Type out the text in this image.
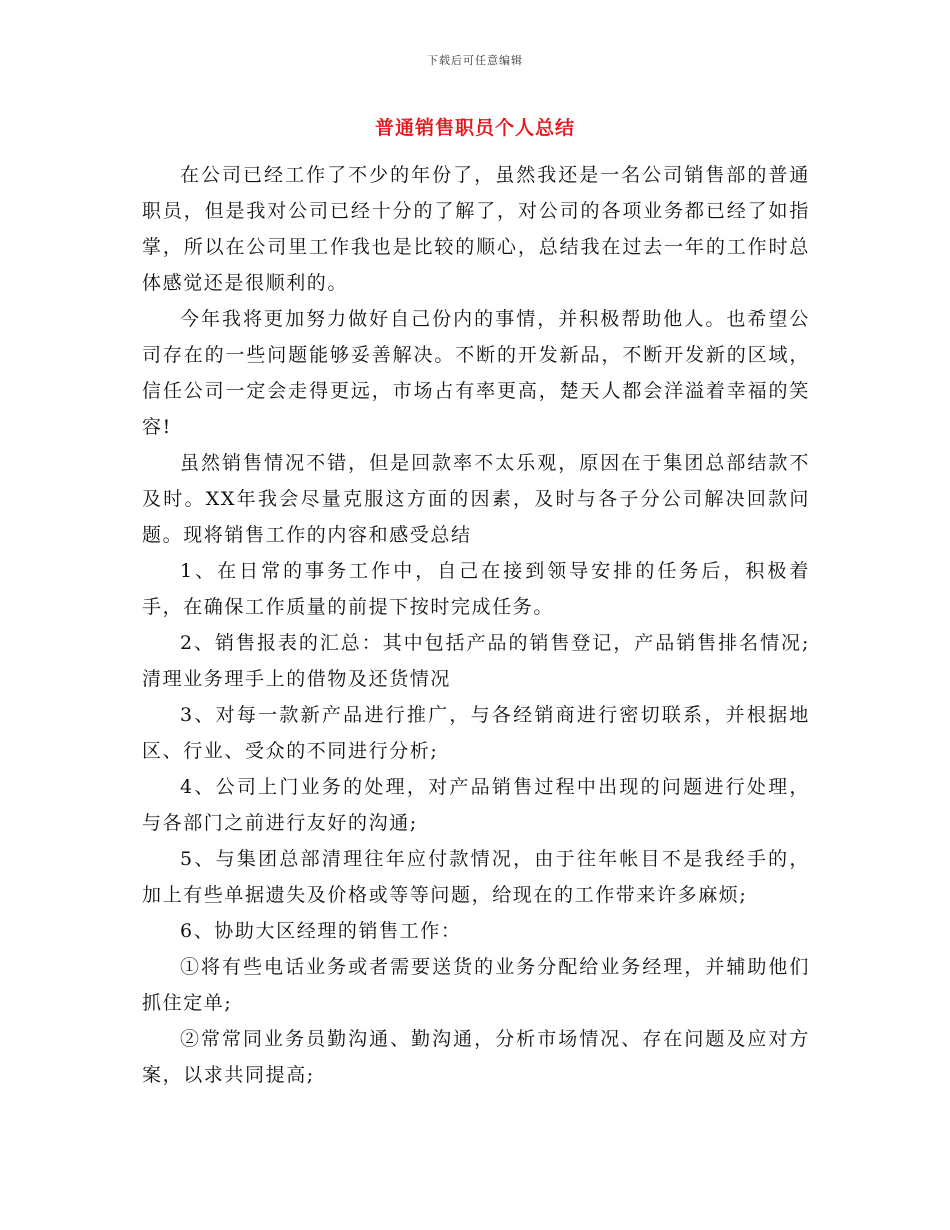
下载后可任意编辑
普通销售职员个人总结

在公司已经工作了不少的年份了，虽然我还是一名公司销售部的普通职员，但是我对公司已经十分的了解了，对公司的各项业务都已经了如指掌，所以在公司里工作我也是比较的顺心，总结我在过去一年的工作时总体感觉还是很顺利的。

今年我将更加努力做好自己份内的事情，并积极帮助他人。也希望公司存在的一些问题能够妥善解决。不断的开发新品，不断开发新的区域，信任公司一定会走得更远，市场占有率更高，楚天人都会洋溢着幸福的笑容!

虽然销售情况不错，但是回款率不太乐观，原因在于集团总部结款不及时。XX年我会尽量克服这方面的因素，及时与各子分公司解决回款问题。现将销售工作的内容和感受总结

1、在日常的事务工作中，自己在接到领导安排的任务后，积极着手，在确保工作质量的前提下按时完成任务。

2、销售报表的汇总：其中包括产品的销售登记，产品销售排名情况;清理业务理手上的借物及还货情况

3、对每一款新产品进行推广，与各经销商进行密切联系，并根据地区、行业、受众的不同进行分析;

4、公司上门业务的处理，对产品销售过程中出现的问题进行处理，与各部门之前进行友好的沟通;

5、与集团总部清理往年应付款情况，由于往年帐目不是我经手的，加上有些单据遗失及价格或等等问题，给现在的工作带来许多麻烦;

6、协助大区经理的销售工作：

①将有些电话业务或者需要送货的业务分配给业务经理，并辅助他们抓住定单;

②常常同业务员勤沟通、勤沟通，分析市场情况、存在问题及应对方案，以求共同提高;
